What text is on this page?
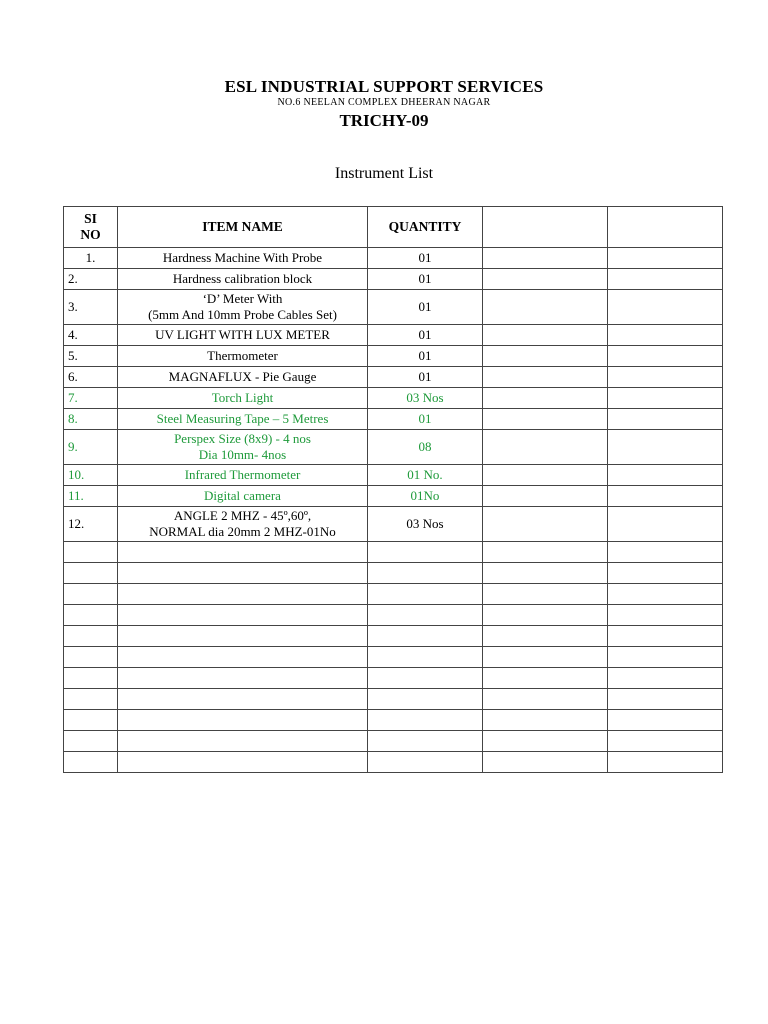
ESL INDUSTRIAL SUPPORT SERVICES
NO.6 NEELAN COMPLEX DHEERAN NAGAR
TRICHY-09
Instrument List
SI
NO	ITEM NAME	QUANTITY		
1.	Hardness Machine With Probe	01		
2.	Hardness calibration block	01		
3.	‘D’ Meter With
(5mm And 10mm Probe Cables Set)	01		
4.	UV LIGHT WITH LUX METER	01		
5.	Thermometer	01		
6.	MAGNAFLUX - Pie Gauge	01		
7.	Torch Light	03 Nos		
8.	Steel Measuring Tape – 5 Metres	01		
9.	Perspex Size (8x9) - 4 nos
Dia 10mm- 4nos	08		
10.	Infrared Thermometer	01 No.		
11.	Digital camera	01No		
12.	ANGLE 2 MHZ - 45º,60º,
NORMAL dia 20mm 2 MHZ-01No	03 Nos		
